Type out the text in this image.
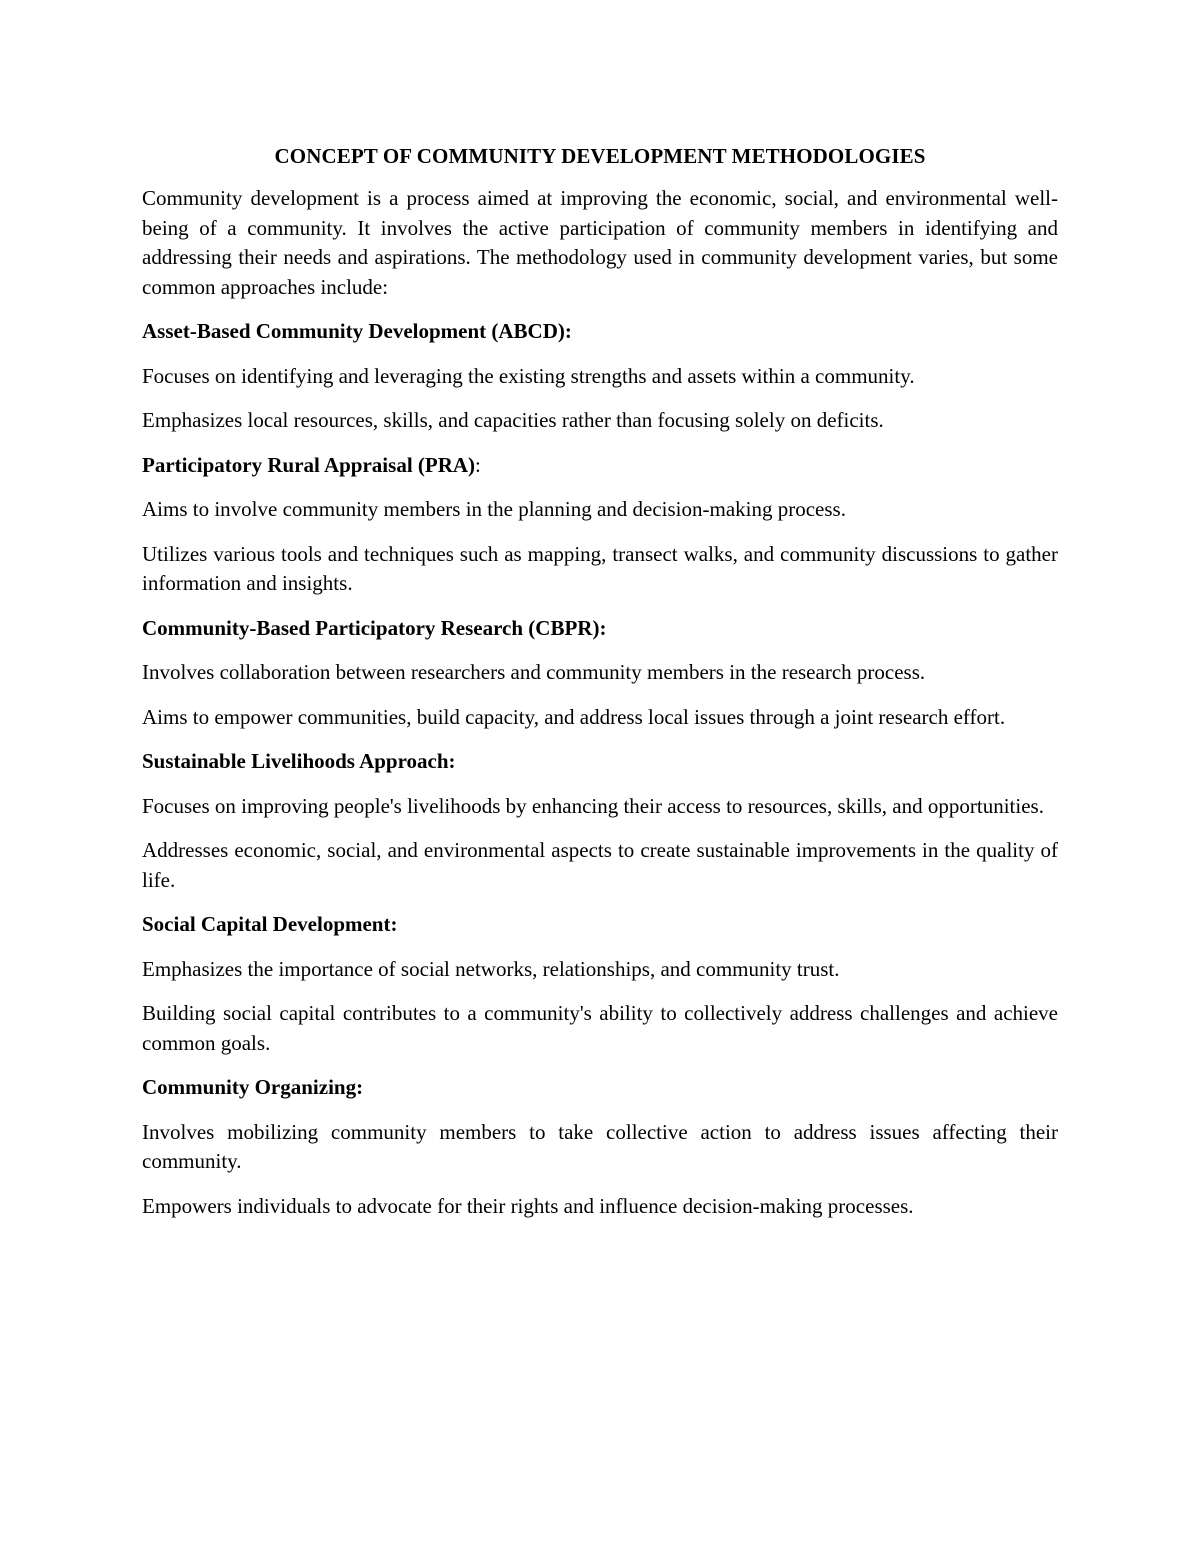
CONCEPT OF COMMUNITY DEVELOPMENT METHODOLOGIES

Community development is a process aimed at improving the economic, social, and environmental well-being of a community. It involves the active participation of community members in identifying and addressing their needs and aspirations. The methodology used in community development varies, but some common approaches include:

Asset-Based Community Development (ABCD):

Focuses on identifying and leveraging the existing strengths and assets within a community.

Emphasizes local resources, skills, and capacities rather than focusing solely on deficits.

Participatory Rural Appraisal (PRA):

Aims to involve community members in the planning and decision-making process.

Utilizes various tools and techniques such as mapping, transect walks, and community discussions to gather information and insights.

Community-Based Participatory Research (CBPR):

Involves collaboration between researchers and community members in the research process.

Aims to empower communities, build capacity, and address local issues through a joint research effort.

Sustainable Livelihoods Approach:

Focuses on improving people's livelihoods by enhancing their access to resources, skills, and opportunities.

Addresses economic, social, and environmental aspects to create sustainable improvements in the quality of life.

Social Capital Development:

Emphasizes the importance of social networks, relationships, and community trust.

Building social capital contributes to a community's ability to collectively address challenges and achieve common goals.

Community Organizing:

Involves mobilizing community members to take collective action to address issues affecting their community.

Empowers individuals to advocate for their rights and influence decision-making processes.
